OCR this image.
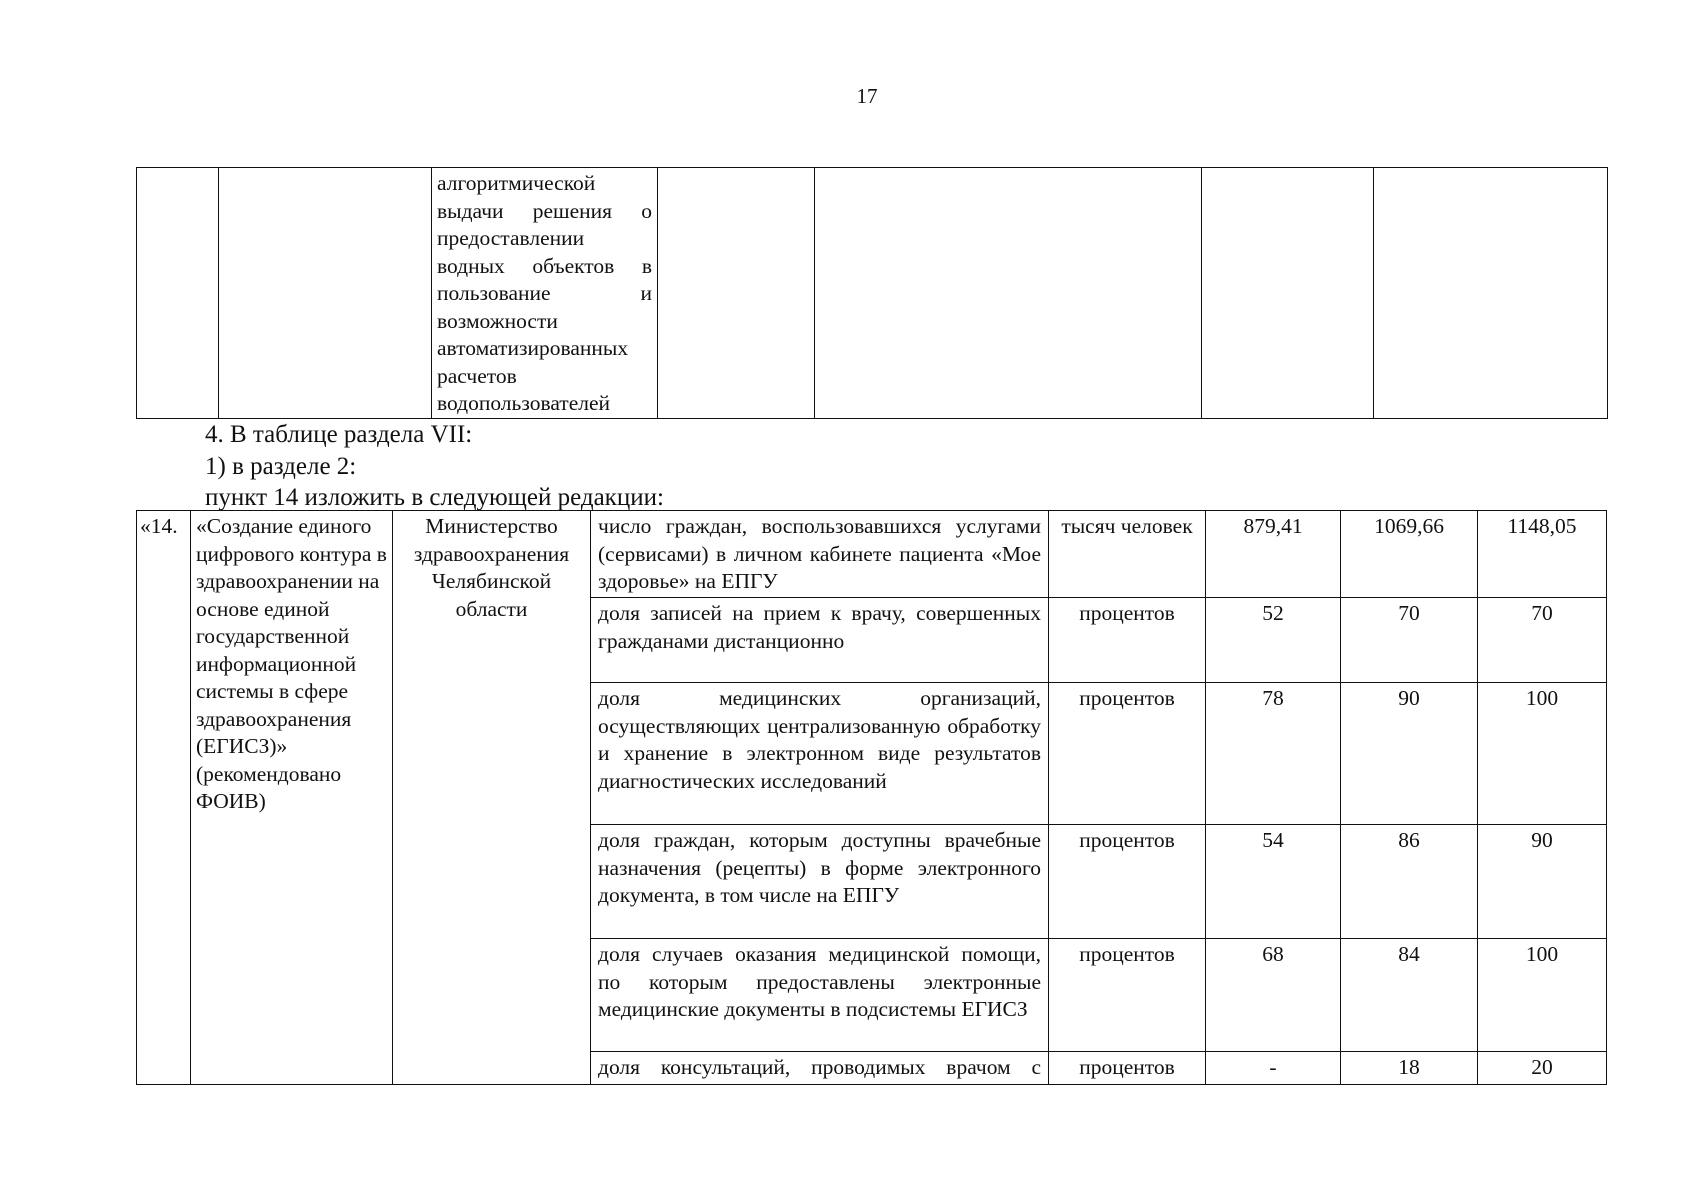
17
		алгоритмической выдачи решения о предоставлении водных объектов в пользование и возможности автоматизированных расчетов водопользователей				
4. В таблице раздела VII:
1) в разделе 2:
пункт 14 изложить в следующей редакции:
«14.	«Создание единого цифрового контура в здравоохранении на основе единой государственной информационной системы в сфере здравоохранения (ЕГИСЗ)» (рекомендовано ФОИВ)	Министерство здравоохранения Челябинской области	число граждан, воспользовавшихся услугами (сервисами) в личном кабинете пациента «Мое здоровье» на ЕПГУ	тысяч человек	879,41	1069,66	1148,05
			доля записей на прием к врачу, совершенных гражданами дистанционно	процентов	52	70	70
			доля медицинских организаций, осуществляющих централизованную обработку и хранение в электронном виде результатов диагностических исследований	процентов	78	90	100
			доля граждан, которым доступны врачебные назначения (рецепты) в форме электронного документа, в том числе на ЕПГУ	процентов	54	86	90
			доля случаев оказания медицинской помощи, по которым предоставлены электронные медицинские документы в подсистемы ЕГИСЗ	процентов	68	84	100
			доля консультаций, проводимых врачом с	процентов	-	18	20
